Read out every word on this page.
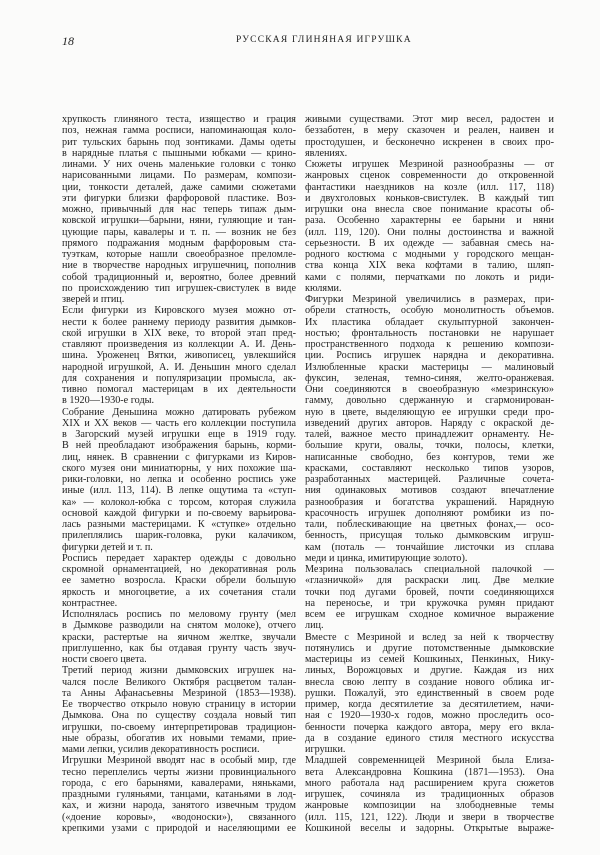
18	РУССКАЯ ГЛИНЯНАЯ ИГРУШКА
хрупкость глиняного теста, изящество и грация
поз, нежная гамма росписи, напоминающая коло-
рит тульских барынь под зонтиками. Дамы одеты
в нарядные платья с пышными юбками — крино-
линами. У них очень маленькие головки с тонко
нарисованными лицами. По размерам, компози-
ции, тонкости деталей, даже самими сюжетами
эти фигурки близки фарфоровой пластике. Воз-
можно, привычный для нас теперь типаж дым-
ковской игрушки—барыни, няни, гуляющие и тан-
цующие пары, кавалеры и т. п. — возник не без
прямого подражания модным фарфоровым ста-
туэткам, которые нашли своеобразное преломле-
ние в творчестве народных игрушечниц, пополнив
собой традиционный и, вероятно, более древний
по происхождению тип игрушек-свистулек в виде
зверей и птиц.
Если фигурки из Кировского музея можно от-
нести к более раннему периоду развития дымков-
ской игрушки в XIX веке, то второй этап пред-
ставляют произведения из коллекции А. И. День-
шина. Уроженец Вятки, живописец, увлекшийся
народной игрушкой, А. И. Деньшин много сделал
для сохранения и популяризации промысла, ак-
тивно помогал мастерицам в их деятельности
в 1920—1930-е годы.
Собрание Деньшина можно датировать рубежом
XIX и XX веков — часть его коллекции поступила
в Загорский музей игрушки еще в 1919 году.
В ней преобладают изображения барынь, корми-
лиц, нянек. В сравнении с фигурками из Киров-
ского музея они миниатюрны, у них похожие ша-
рики-головки, но лепка и особенно роспись уже
иные (илл. 113, 114). В лепке ощутима та «ступ-
ка» — колокол-юбка с торсом, которая служила
основой каждой фигурки и по-своему варьирова-
лась разными мастерицами. К «ступке» отдельно
прилеплялись шарик-головка, руки калачиком,
фигурки детей и т. п.
Роспись передает характер одежды с довольно
скромной орнаментацией, но декоративная роль
ее заметно возросла. Краски обрели большую
яркость и многоцветие, а их сочетания стали
контрастнее.
Исполнялась роспись по меловому грунту (мел
в Дымкове разводили на снятом молоке), отчего
краски, растертые на яичном желтке, звучали
приглушенно, как бы отдавая грунту часть звуч-
ности своего цвета.
Третий период жизни дымковских игрушек на-
чался после Великого Октября расцветом талан-
та Анны Афанасьевны Мезриной (1853—1938).
Ее творчество открыло новую страницу в истории
Дымкова. Она по существу создала новый тип
игрушки, по-своему интерпретировав традицион-
ные образы, обогатив их новыми темами, прие-
мами лепки, усилив декоративность росписи.
Игрушки Мезриной вводят нас в особый мир, где
тесно переплелись черты жизни провинциального
города, с его барынями, кавалерами, няньками,
праздными гуляньями, танцами, катаньями в лод-
ках, и жизни народа, занятого извечным трудом
(«доение коровы», «водоноски»), связанного
крепкими узами с природой и населяющими ее
живыми существами. Этот мир весел, радостен и
беззаботен, в меру сказочен и реален, наивен и
простодушен, и бесконечно искренен в своих про-
явлениях.
Сюжеты игрушек Мезриной разнообразны — от
жанровых сценок современности до откровенной
фантастики наездников на козле (илл. 117, 118)
и двухголовых коньков-свистулек. В каждый тип
игрушки она внесла свое понимание красоты об-
раза. Особенно характерны ее барыни и няни
(илл. 119, 120). Они полны достоинства и важной
серьезности. В их одежде — забавная смесь на-
родного костюма с модными у городского мещан-
ства конца XIX века кофтами в талию, шляп-
ками с полями, перчатками по локоть и риди-
кюлями.
Фигурки Мезриной увеличились в размерах, при-
обрели статность, особую монолитность объемов.
Их пластика обладает скульптурной закончен-
ностью; фронтальность постановки не нарушает
пространственного подхода к решению компози-
ции. Роспись игрушек нарядна и декоративна.
Излюбленные краски мастерицы — малиновый
фуксин, зеленая, темно-синяя, желто-оранжевая.
Они соединяются в своеобразную «мезринскую»
гамму, довольно сдержанную и сгармонирован-
ную в цвете, выделяющую ее игрушки среди про-
изведений других авторов. Наряду с окраской де-
талей, важное место принадлежит орнаменту. Не-
большие круги, овалы, точки, полосы, клетки,
написанные свободно, без контуров, теми же
красками, составляют несколько типов узоров,
разработанных мастерицей. Различные сочета-
ния одинаковых мотивов создают впечатление
разнообразия и богатства украшений. Нарядную
красочность игрушек дополняют ромбики из по-
тали, поблескивающие на цветных фонах,— осо-
бенность, присущая только дымковским игруш-
кам (поталь — тончайшие листочки из сплава
меди и цинка, имитирующие золото).
Мезрина пользовалась специальной палочкой —
«глазничкой» для раскраски лиц. Две мелкие
точки под дугами бровей, почти соединяющихся
на переносье, и три кружочка румян придают
всем ее игрушкам сходное комичное выражение
лиц.
Вместе с Мезриной и вслед за ней к творчеству
потянулись и другие потомственные дымковские
мастерицы из семей Кошкиных, Пенкиных, Нику-
линых, Ворожцовых и другие. Каждая из них
внесла свою лепту в создание нового облика иг-
рушки. Пожалуй, это единственный в своем роде
пример, когда десятилетие за десятилетием, начи-
ная с 1920—1930-х годов, можно проследить осо-
бенности почерка каждого автора, меру его вкла-
да в создание единого стиля местного искусства
игрушки.
Младшей современницей Мезриной была Елиза-
вета Александровна Кошкина (1871—1953). Она
много работала над расширением круга сюжетов
игрушек, сочиняла из традиционных образов
жанровые композиции на злободневные темы
(илл. 115, 121, 122). Люди и звери в творчестве
Кошкиной веселы и задорны. Открытые выраже-
